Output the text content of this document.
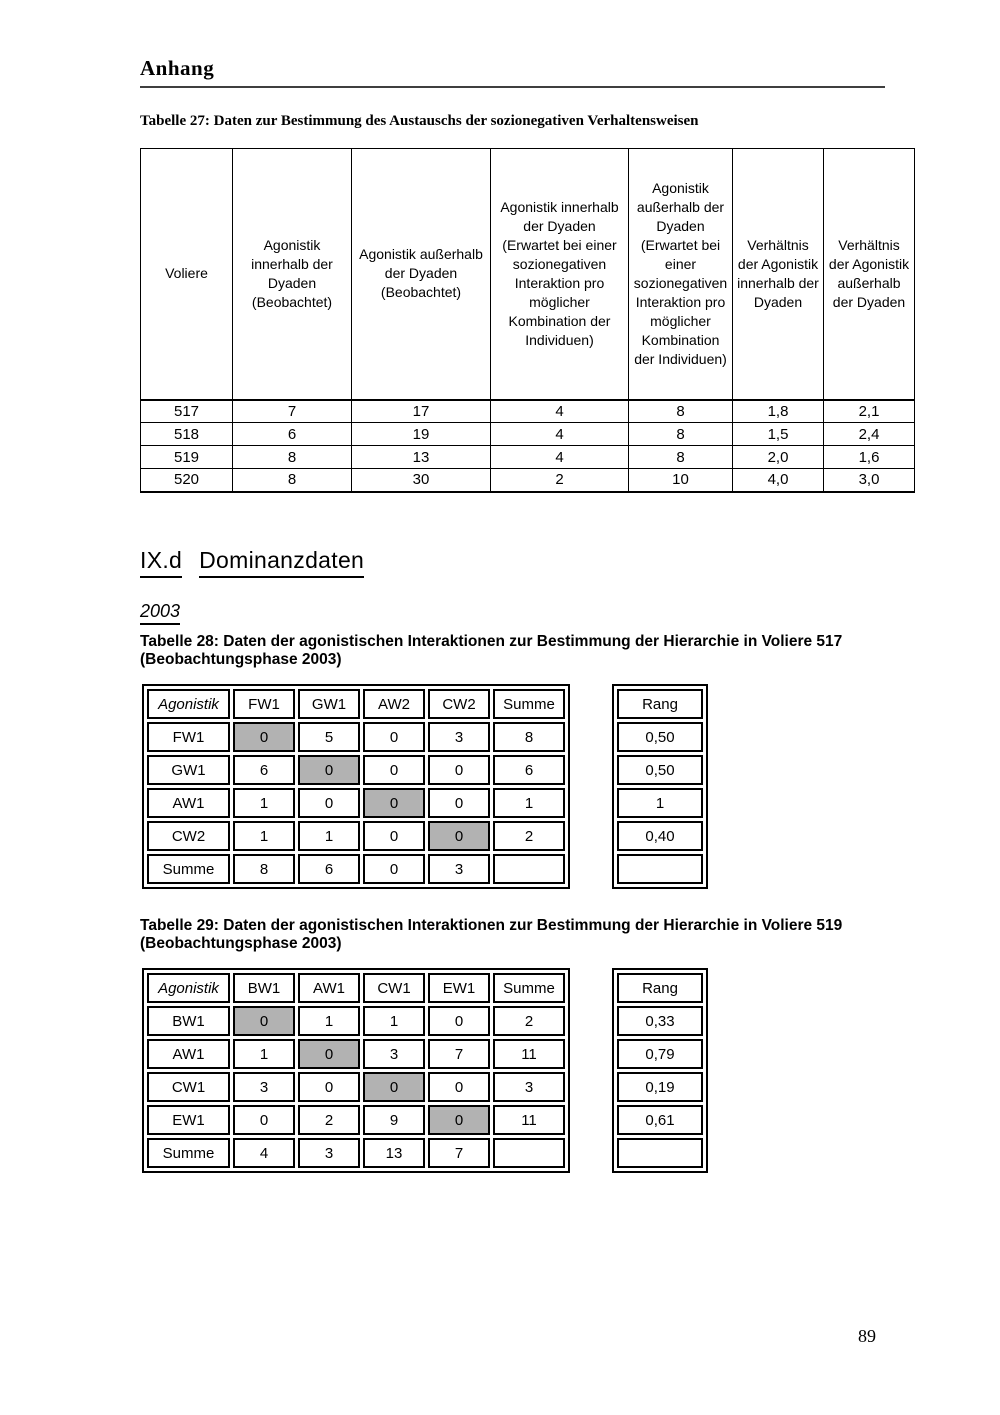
Anhang
Tabelle 27: Daten zur Bestimmung des Austauschs der sozionegativen Verhaltensweisen
Voliere	Agonistik innerhalb der Dyaden (Beobachtet)	Agonistik außerhalb der Dyaden (Beobachtet)	Agonistik innerhalb der Dyaden (Erwartet bei einer sozionegativen Interaktion pro möglicher Kombination der Individuen)	Agonistik außerhalb der Dyaden (Erwartet bei einer sozionegativen Interaktion pro möglicher Kombination der Individuen)	Verhältnis der Agonistik innerhalb der Dyaden	Verhältnis der Agonistik außerhalb der Dyaden
517	7	17	4	8	1,8	2,1
518	6	19	4	8	1,5	2,4
519	8	13	4	8	2,0	1,6
520	8	30	2	10	4,0	3,0
IX.d Dominanzdaten
2003
Tabelle 28: Daten der agonistischen Interaktionen zur Bestimmung der Hierarchie in Voliere 517 (Beobachtungsphase 2003)
Agonistik	FW1	GW1	AW2	CW2	Summe
FW1	0	5	0	3	8
GW1	6	0	0	0	6
AW1	1	0	0	0	1
CW2	1	1	0	0	2
Summe	8	6	0	3	
Rang
0,50
0,50
1
0,40

Tabelle 29: Daten der agonistischen Interaktionen zur Bestimmung der Hierarchie in Voliere 519 (Beobachtungsphase 2003)
Agonistik	BW1	AW1	CW1	EW1	Summe
BW1	0	1	1	0	2
AW1	1	0	3	7	11
CW1	3	0	0	0	3
EW1	0	2	9	0	11
Summe	4	3	13	7	
Rang
0,33
0,79
0,19
0,61

89
